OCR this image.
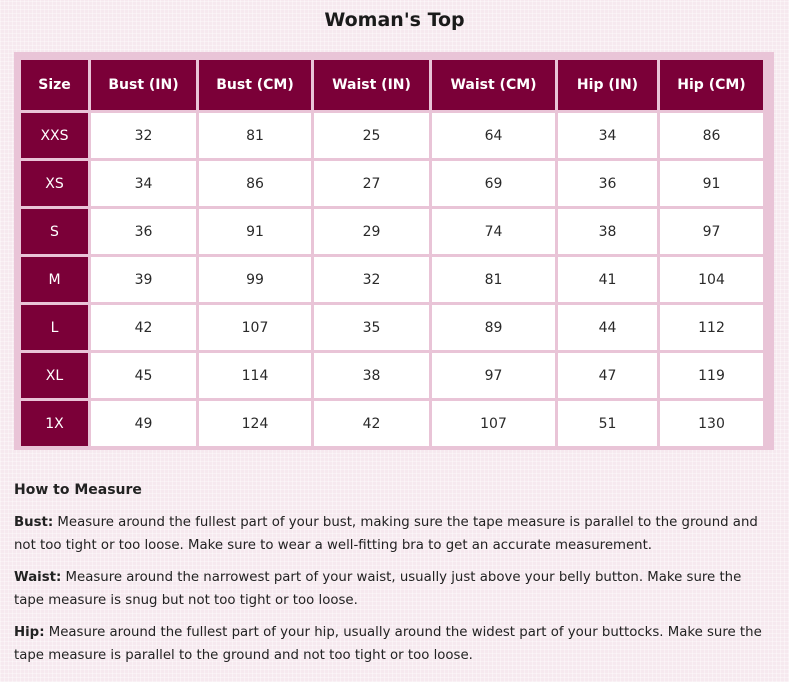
Woman's Top
Size	Bust (IN)	Bust (CM)	Waist (IN)	Waist (CM)	Hip (IN)	Hip (CM)
XXS	32	81	25	64	34	86
XS	34	86	27	69	36	91
S	36	91	29	74	38	97
M	39	99	32	81	41	104
L	42	107	35	89	44	112
XL	45	114	38	97	47	119
1X	49	124	42	107	51	130

How to Measure

Bust: Measure around the fullest part of your bust, making sure the tape measure is parallel to the ground and not too tight or too loose. Make sure to wear a well-fitting bra to get an accurate measurement.

Waist: Measure around the narrowest part of your waist, usually just above your belly button. Make sure the tape measure is snug but not too tight or too loose.

Hip: Measure around the fullest part of your hip, usually around the widest part of your buttocks. Make sure the tape measure is parallel to the ground and not too tight or too loose.
